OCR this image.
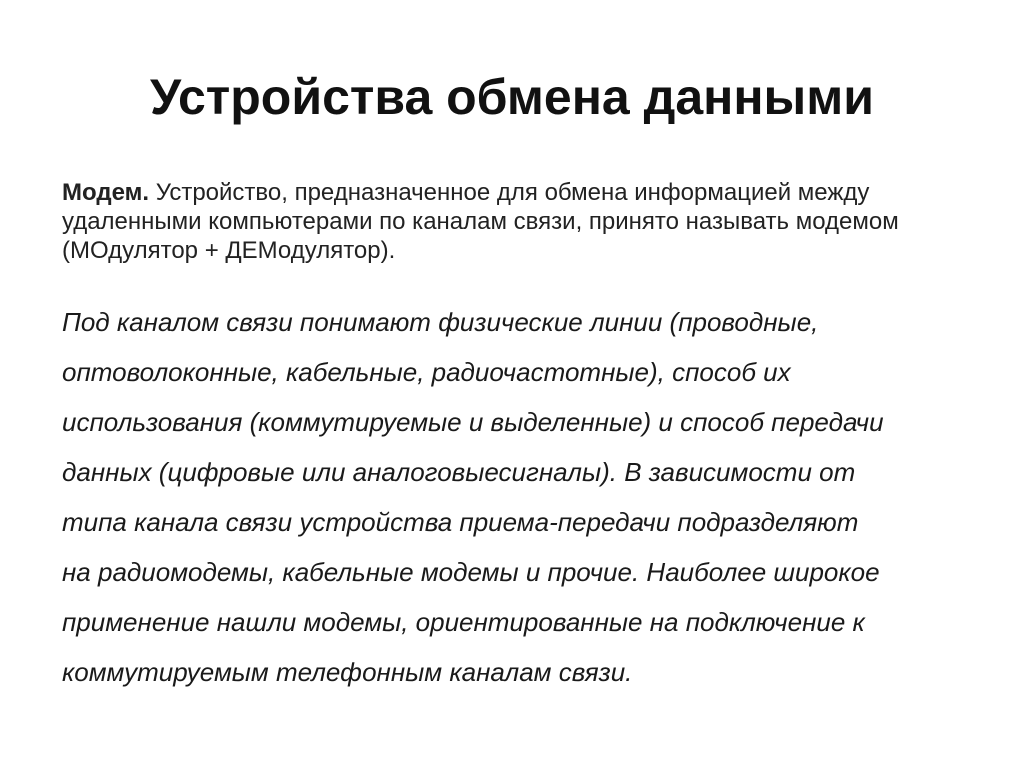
Устройства обмена данными

Модем. Устройство, предназначенное для обмена информацией между
удаленными компьютерами по каналам связи, принято называть модемом
(МОдулятор + ДЕМодулятор).

Под каналом связи понимают физические линии (проводные,
оптоволоконные, кабельные, радиочастотные), способ их
использования (коммутируемые и выделенные) и способ передачи
данных (цифровые или аналоговыесигналы). В зависимости от
типа канала связи устройства приема-передачи подразделяют
на радиомодемы, кабельные модемы и прочие. Наиболее широкое
применение нашли модемы, ориентированные на подключение к
коммутируемым телефонным каналам связи.
